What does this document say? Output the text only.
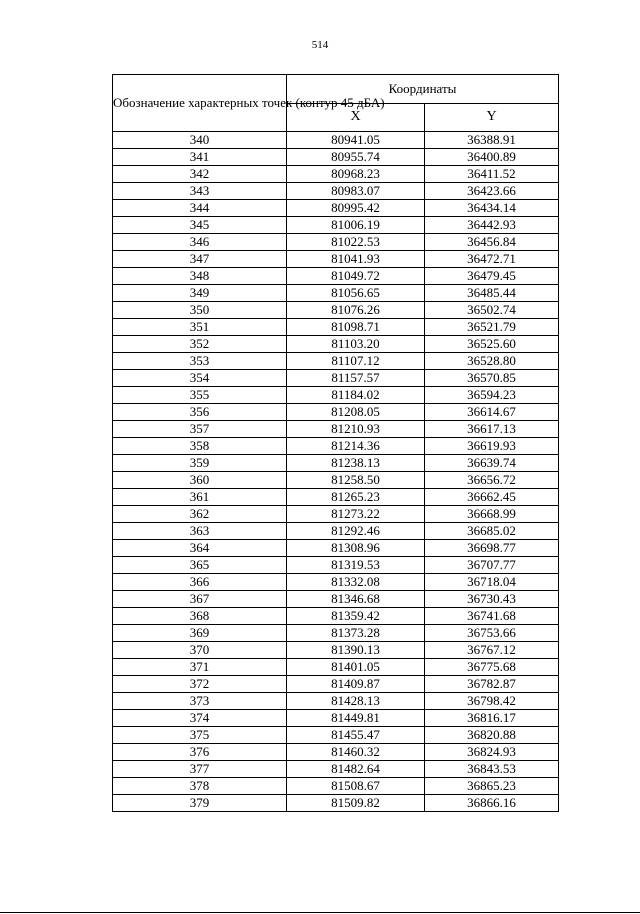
514
Обозначение характерных точек (контур 45 дБА)	Координаты	
	X	Y
340	80941.05	36388.91
341	80955.74	36400.89
342	80968.23	36411.52
343	80983.07	36423.66
344	80995.42	36434.14
345	81006.19	36442.93
346	81022.53	36456.84
347	81041.93	36472.71
348	81049.72	36479.45
349	81056.65	36485.44
350	81076.26	36502.74
351	81098.71	36521.79
352	81103.20	36525.60
353	81107.12	36528.80
354	81157.57	36570.85
355	81184.02	36594.23
356	81208.05	36614.67
357	81210.93	36617.13
358	81214.36	36619.93
359	81238.13	36639.74
360	81258.50	36656.72
361	81265.23	36662.45
362	81273.22	36668.99
363	81292.46	36685.02
364	81308.96	36698.77
365	81319.53	36707.77
366	81332.08	36718.04
367	81346.68	36730.43
368	81359.42	36741.68
369	81373.28	36753.66
370	81390.13	36767.12
371	81401.05	36775.68
372	81409.87	36782.87
373	81428.13	36798.42
374	81449.81	36816.17
375	81455.47	36820.88
376	81460.32	36824.93
377	81482.64	36843.53
378	81508.67	36865.23
379	81509.82	36866.16
